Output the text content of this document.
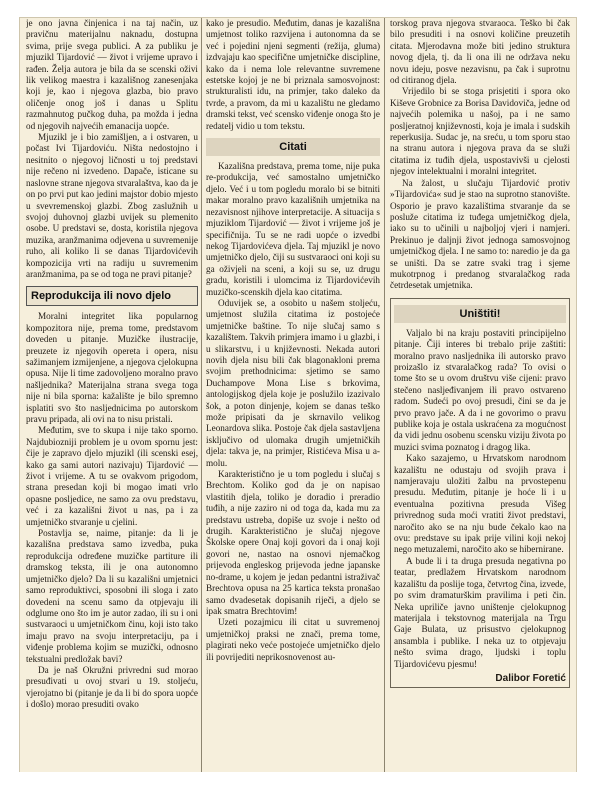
je ono javna činjenica i na taj način, uz pravičnu materijalnu naknadu, dostupna svima, prije svega publici. A za publiku je mjuzikl Tijardović — život i vrijeme upravo i rađen. Želja autora je bila da se scenski oživi lik velikog maestra i kazališnog zanesenjaka koji je, kao i njegova glazba, bio pravo oličenje onog još i danas u Splitu razmahnutog pučkog duha, pa možda i jedna od njegovih najvećih emanacija uopće.

Mjuzikl je i bio zamišljen, a i ostvaren, u počast Ivi Tijardoviću. Ništa nedostojno i nesitnito o njegovoj ličnosti u toj predstavi nije rečeno ni izvedeno. Dapače, isticane su naslovne strane njegova stvaralaštva, kao da je on po prvi put kao jedini majstor dobio mjesto u svevremenskoj glazbi. Zbog zaslužnih u svojoj duhovnoj glazbi uvijek su plemenito osobe. U predstavi se, dosta, koristila njegova muzika, aranžmanima odjevena u suvremenije ruho, ali koliko li se danas Tijardovićevih kompozicija vrti na radiju u suvremenim aranžmanima, pa se od toga ne pravi pitanje?

Reprodukcija ili novo djelo

Moralni integritet lika popularnog kompozitora nije, prema tome, predstavom doveden u pitanje. Muzičke ilustracije, preuzete iz njegovih opereta i opera, nisu sažimanjem izmijenjene, a njegova cjelokupna opusa. Nije li time zadovoljeno moralno pravo našljednika? Materijalna strana svega toga nije ni bila sporna: kažalište je bilo spremno isplatiti svo što nasljednicima po autorskom pravu pripada, ali ovi na to nisu pristali.

Međutim, sve to skupa i nije tako sporno. Najdubiozniji problem je u ovom spornu jest: čije je zapravo djelo mjuzikl (ili scenski esej, kako ga sami autori nazivaju) Tijardović — život i vrijeme. A tu se ovakvom prigodom, strana presedan koji bi mogao imati vrlo opasne posljedice, ne samo za ovu predstavu, već i za kazališni život u nas, pa i za umjetničko stvaranje u cjelini.

Postavlja se, naime, pitanje: da li je kazališna predstava samo izvedba, puka reprodukcija određene muzičke partiture ili dramskog teksta, ili je ona autonomno umjetničko djelo? Da li su kazališni umjetnici samo reproduktivci, sposobni ili sloga i zato dovedeni na scenu samo da otpjevaju ili odglume ono što im je autor zadao, ili su i oni sustvaraoci u umjetničkom činu, koji isto tako imaju pravo na svoju interpretaciju, pa i viđenje problema kojim se muzički, odnosno tekstualni predložak bavi?

Da je naš Okružni privredni sud morao presuđivati u ovoj stvari u 19. stoljeću, vjerojatno bi (pitanje je da li bi do spora uopće i došlo) morao presuditi ovako

kako je presudio. Međutim, danas je kazališna umjetnost toliko razvijena i autonomna da se već i pojedini njeni segmenti (režija, gluma) izdvajaju kao specifične umjetničke discipline, kako da i nema lole relevantne suvremene estetske kojoj je ne bi priznala samosvojnost: strukturalisti idu, na primjer, tako daleko da tvrde, a pravom, da mi u kazalištu ne gledamo dramski tekst, već scensko viđenje onoga što je redatelj vidio u tom tekstu.

Citati

Kazališna predstava, prema tome, nije puka re-produkcija, već samostalno umjetničko djelo. Već i u tom pogledu moralo bi se bitniti makar moralno pravo kazališnih umjetnika na nezavisnost njihove interpretacije. A situacija s mjuziklom Tijardović — život i vrijeme još je specifičnija. Tu se ne radi uopće o izvedbi nekog Tijardovićeva djela. Taj mjuzikl je novo umjetničko djelo, čiji su sustvaraoci oni koji su ga oživjeli na sceni, a koji su se, uz drugu gradu, koristili i ulomcima iz Tijardovićevih muzičko-scenskih djela kao citatima.

Oduvijek se, a osobito u našem stoljeću, umjetnost služila citatima iz postojeće umjetničke baštine. To nije slučaj samo s kazalištem. Takvih primjera imamo i u glazbi, i u slikarstvu, i u književnosti. Nekada autori novih djela nisu bili čak blagonakloni prema svojim prethodnicima: sjetimo se samo Duchampove Mona Lise s brkovima, antologijskog djela koje je poslužilo izazivalo šok, a poton dinjenje, kojem se danas teško može pripisati da je skrnavilo velikog Leonardova slika. Postoje čak djela sastavljena isključivo od ulomaka drugih umjetničkih djela: takva je, na primjer, Ristićeva Misa u a-molu.

Karakteristično je u tom pogledu i slučaj s Brechtom. Koliko god da je on napisao vlastitih djela, toliko je doradio i preradio tuđih, a nije zaziro ni od toga da, kada mu za predstavu ustreba, dopiše uz svoje i nešto od drugih. Karakteristično je slučaj njegove Školske opere Onaj koji govori da i onaj koji govori ne, nastao na osnovi njemačkog prijevoda engleskog prijevoda jedne japanske no-drame, u kojem je jedan pedantni istraživač Brechtova opusa na 25 kartica teksta pronašao samo dvadesetak dopisanih riječi, a djelo se ipak smatra Brechtovim!

Uzeti pozajmicu ili citat u suvremenoj umjetničkoj praksi ne znači, prema tome, plagirati neko veće postojeće umjetničko djelo ili povrijediti neprikosnovenost au-

torskog prava njegova stvaraoca. Teško bi čak bilo presuditi i na osnovi količine preuzetih citata. Mjerodavna može biti jedino struktura novog djela, tj. da li ona ili ne održava neku novu ideju, posve nezavisnu, pa čak i suprotnu od citiranog djela.

Vrijedilo bi se stoga prisjetiti i spora oko Kiševe Grobnice za Borisa Davidoviča, jedne od najvećih polemika u našoj, pa i ne samo posljeratnoj književnosti, koja je imala i sudskih reperkusija. Sudac je, na sreću, u tom sporu stao na stranu autora i njegova prava da se služi citatima iz tuđih djela, uspostavivši u cjelosti njegov intelektualni i moralni integritet.

Na žalost, u slučaju Tijardović protiv »Tijardovića« sud je stao na suprotno stanovište. Osporio je pravo kazalištima stvaranje da se posluže citatima iz tuđega umjetničkog djela, iako su to učinili u najboljoj vjeri i namjeri. Prekinuo je daljnji život jednoga samosvojnog umjetničkog djela. I ne samo to: naredio je da ga se uništi. Da se zatre svaki trag i sjeme mukotrpnog i predanog stvaralačkog rada četrdesetak umjetnika.

Uništiti!

Valjalo bi na kraju postaviti principijelno pitanje. Čiji interes bi trebalo prije zaštiti: moralno pravo nasljednika ili autorsko pravo proizašlo iz stvaralačkog rada? To ovisi o tome što se u ovom društvu više cijeni: pravo stečeno nasljeđivanjem ili pravo ostvareno radom. Sudeći po ovoj presudi, čini se da je prvo pravo jače. A da i ne govorimo o pravu publike koja je ostala uskraćena za mogućnost da vidi jednu osobenu scensku viziju života po muzici svima poznatog i dragog lika.

Kako sazajemo, u Hrvatskom narodnom kazalištu ne odustaju od svojih prava i namjeravaju uložiti žalbu na prvostepenu presudu. Međutim, pitanje je hoće li i u eventualna pozitivna presuda Višeg privrednog suda moći vratiti život predstavi, naročito ako se na nju bude čekalo kao na ovu: predstave su ipak prije vilini koji nekoj nego metuzalemi, naročito ako se hibernirane.

A bude li i ta druga presuda negativna po teatar, predlažem Hrvatskom narodnom kazalištu da poslije toga, četvrtog čina, izvede, po svim dramaturškim pravilima i peti čin. Neka upriliče javno uništenje cjelokupnog materijala i tekstovnog materijala na Trgu Gaje Bulata, uz prisustvo cjelokupnog ansambla i publike. I neka uz to otpjevaju nešto svima drago, ljudski i toplu Tijardovićevu pjesmu!

Dalibor Foretić
